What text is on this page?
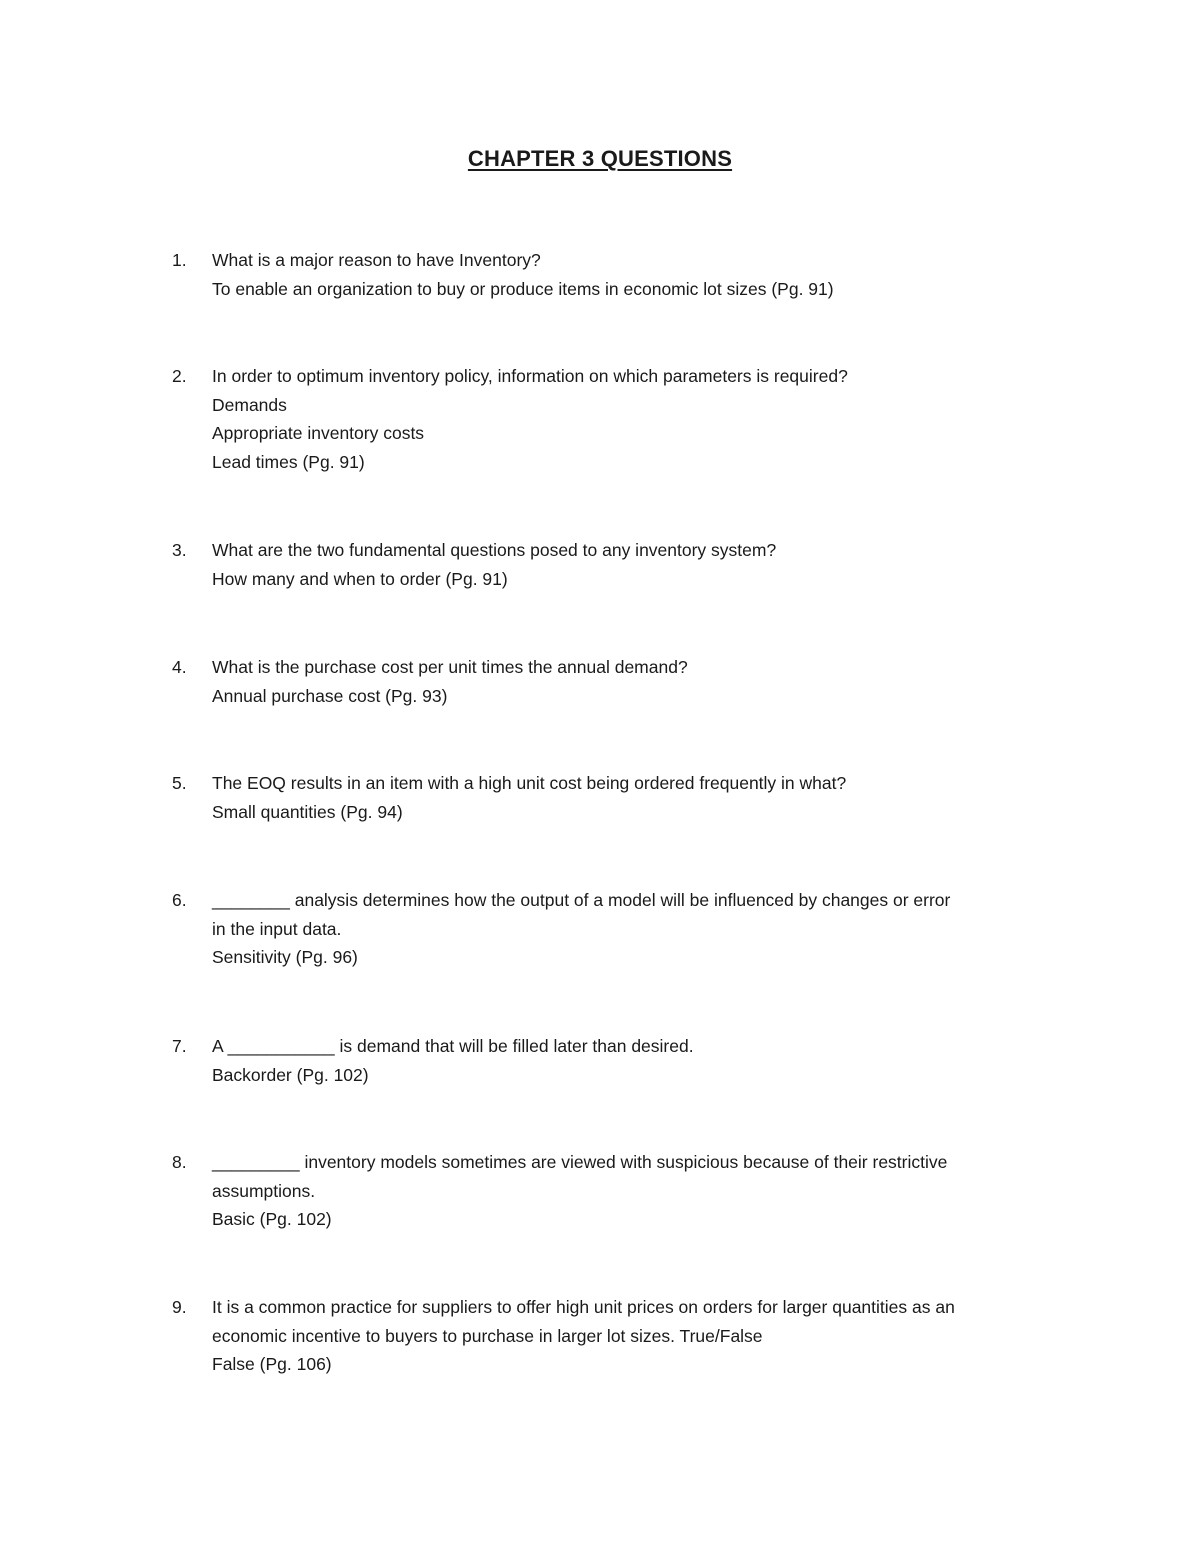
CHAPTER 3 QUESTIONS
1.	What is a major reason to have Inventory?
To enable an organization to buy or produce items in economic lot sizes (Pg. 91)
2.	In order to optimum inventory policy, information on which parameters is required?
Demands
Appropriate inventory costs
Lead times (Pg. 91)
3.	What are the two fundamental questions posed to any inventory system?
How many and when to order (Pg. 91)
4.	What is the purchase cost per unit times the annual demand?
Annual purchase cost (Pg. 93)
5.	The EOQ results in an item with a high unit cost being ordered frequently in what?
Small quantities (Pg. 94)
6.	________ analysis determines how the output of a model will be influenced by changes or error
in the input data.
Sensitivity (Pg. 96)
7.	A ___________ is demand that will be filled later than desired.
Backorder (Pg. 102)
8.	_________ inventory models sometimes are viewed with suspicious because of their restrictive
assumptions.
Basic (Pg. 102)
9.	It is a common practice for suppliers to offer high unit prices on orders for larger quantities as an
economic incentive to buyers to purchase in larger lot sizes. True/False
False (Pg. 106)
